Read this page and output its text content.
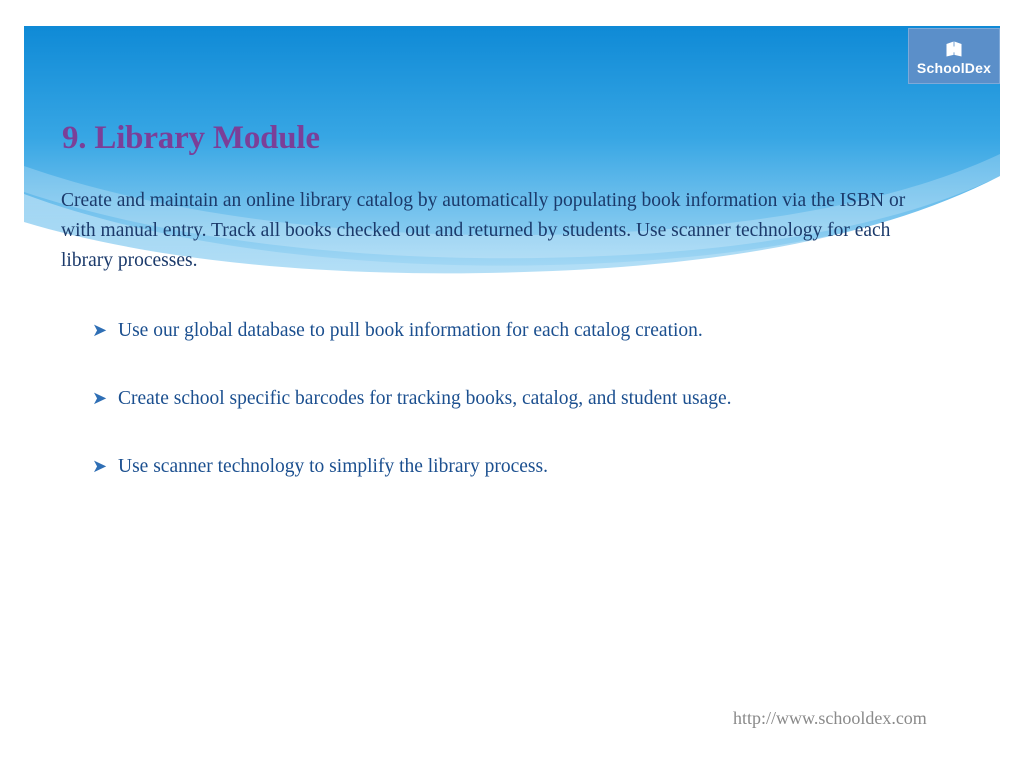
SchoolDex
9. Library Module
Create and maintain an online library catalog by automatically populating book information via the ISBN or with manual entry. Track all books checked out and returned by students. Use scanner technology for each library processes.
➤ Use our global database to pull book information for each catalog creation.
➤ Create school specific barcodes for tracking books, catalog, and student usage.
➤ Use scanner technology to simplify the library process.
http://www.schooldex.com
